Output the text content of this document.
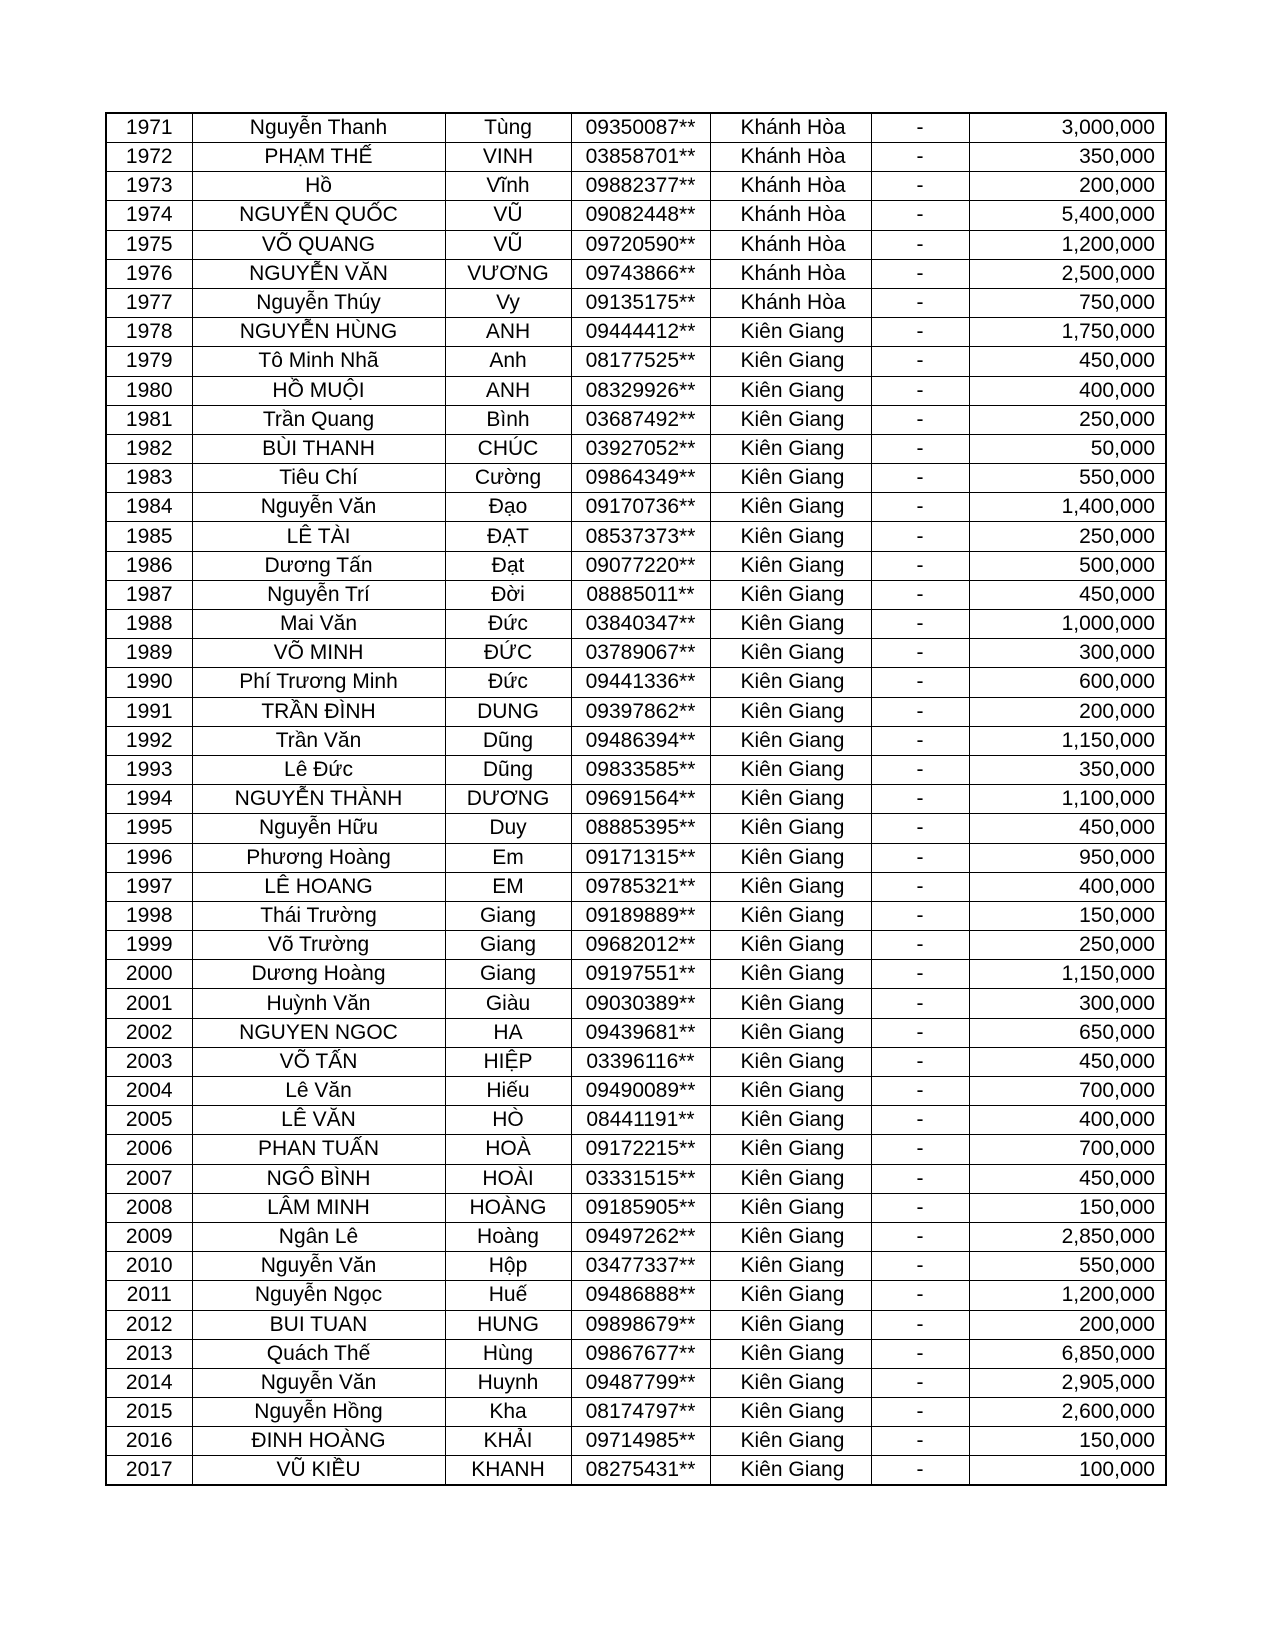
1971	Nguyễn Thanh	Tùng	09350087**	Khánh Hòa	-	3,000,000
1972	PHẠM THẾ	VINH	03858701**	Khánh Hòa	-	350,000
1973	Hồ	Vĩnh	09882377**	Khánh Hòa	-	200,000
1974	NGUYỄN QUỐC	VŨ	09082448**	Khánh Hòa	-	5,400,000
1975	VÕ QUANG	VŨ	09720590**	Khánh Hòa	-	1,200,000
1976	NGUYỄN VĂN	VƯƠNG	09743866**	Khánh Hòa	-	2,500,000
1977	Nguyễn Thúy	Vy	09135175**	Khánh Hòa	-	750,000
1978	NGUYỄN HÙNG	ANH	09444412**	Kiên Giang	-	1,750,000
1979	Tô Minh Nhã	Anh	08177525**	Kiên Giang	-	450,000
1980	HỒ MUỘI	ANH	08329926**	Kiên Giang	-	400,000
1981	Trần Quang	Bình	03687492**	Kiên Giang	-	250,000
1982	BÙI THANH	CHÚC	03927052**	Kiên Giang	-	50,000
1983	Tiêu Chí	Cường	09864349**	Kiên Giang	-	550,000
1984	Nguyễn Văn	Đạo	09170736**	Kiên Giang	-	1,400,000
1985	LÊ TÀI	ĐẠT	08537373**	Kiên Giang	-	250,000
1986	Dương Tấn	Đạt	09077220**	Kiên Giang	-	500,000
1987	Nguyễn Trí	Đời	08885011**	Kiên Giang	-	450,000
1988	Mai Văn	Đức	03840347**	Kiên Giang	-	1,000,000
1989	VÕ MINH	ĐỨC	03789067**	Kiên Giang	-	300,000
1990	Phí Trương Minh	Đức	09441336**	Kiên Giang	-	600,000
1991	TRẦN ĐÌNH	DUNG	09397862**	Kiên Giang	-	200,000
1992	Trần Văn	Dũng	09486394**	Kiên Giang	-	1,150,000
1993	Lê Đức	Dũng	09833585**	Kiên Giang	-	350,000
1994	NGUYỄN THÀNH	DƯƠNG	09691564**	Kiên Giang	-	1,100,000
1995	Nguyễn Hữu	Duy	08885395**	Kiên Giang	-	450,000
1996	Phương Hoàng	Em	09171315**	Kiên Giang	-	950,000
1997	LÊ HOANG	EM	09785321**	Kiên Giang	-	400,000
1998	Thái Trường	Giang	09189889**	Kiên Giang	-	150,000
1999	Võ Trường	Giang	09682012**	Kiên Giang	-	250,000
2000	Dương Hoàng	Giang	09197551**	Kiên Giang	-	1,150,000
2001	Huỳnh Văn	Giàu	09030389**	Kiên Giang	-	300,000
2002	NGUYEN NGOC	HA	09439681**	Kiên Giang	-	650,000
2003	VÕ TẤN	HIỆP	03396116**	Kiên Giang	-	450,000
2004	Lê Văn	Hiếu	09490089**	Kiên Giang	-	700,000
2005	LÊ VĂN	HÒ	08441191**	Kiên Giang	-	400,000
2006	PHAN TUẤN	HOÀ	09172215**	Kiên Giang	-	700,000
2007	NGÔ BÌNH	HOÀI	03331515**	Kiên Giang	-	450,000
2008	LÂM MINH	HOÀNG	09185905**	Kiên Giang	-	150,000
2009	Ngân Lê	Hoàng	09497262**	Kiên Giang	-	2,850,000
2010	Nguyễn Văn	Hộp	03477337**	Kiên Giang	-	550,000
2011	Nguyễn Ngọc	Huế	09486888**	Kiên Giang	-	1,200,000
2012	BUI TUAN	HUNG	09898679**	Kiên Giang	-	200,000
2013	Quách Thế	Hùng	09867677**	Kiên Giang	-	6,850,000
2014	Nguyễn Văn	Huynh	09487799**	Kiên Giang	-	2,905,000
2015	Nguyễn Hồng	Kha	08174797**	Kiên Giang	-	2,600,000
2016	ĐINH HOÀNG	KHẢI	09714985**	Kiên Giang	-	150,000
2017	VŨ KIỀU	KHANH	08275431**	Kiên Giang	-	100,000
